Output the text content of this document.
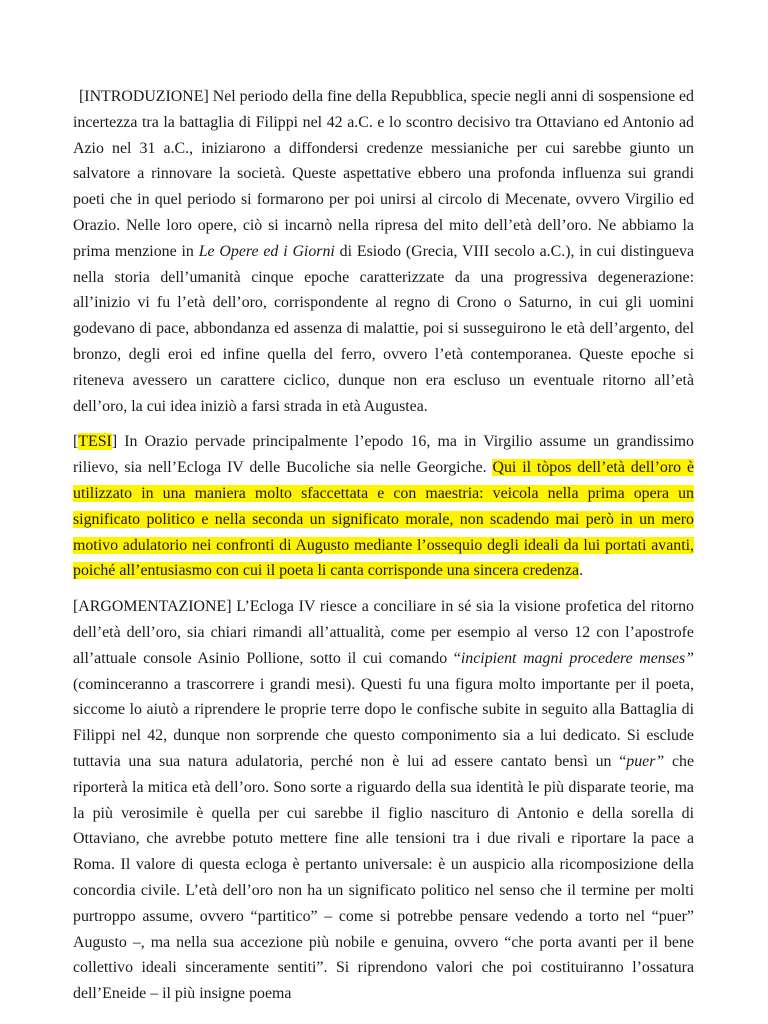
[INTRODUZIONE] Nel periodo della fine della Repubblica, specie negli anni di sospensione ed incertezza tra la battaglia di Filippi nel 42 a.C. e lo scontro decisivo tra Ottaviano ed Antonio ad Azio nel 31 a.C., iniziarono a diffondersi credenze messianiche per cui sarebbe giunto un salvatore a rinnovare la società. Queste aspettative ebbero una profonda influenza sui grandi poeti che in quel periodo si formarono per poi unirsi al circolo di Mecenate, ovvero Virgilio ed Orazio. Nelle loro opere, ciò si incarnò nella ripresa del mito dell’età dell’oro. Ne abbiamo la prima menzione in Le Opere ed i Giorni di Esiodo (Grecia, VIII secolo a.C.), in cui distingueva nella storia dell’umanità cinque epoche caratterizzate da una progressiva degenerazione: all’inizio vi fu l’età dell’oro, corrispondente al regno di Crono o Saturno, in cui gli uomini godevano di pace, abbondanza ed assenza di malattie, poi si susseguirono le età dell’argento, del bronzo, degli eroi ed infine quella del ferro, ovvero l’età contemporanea. Queste epoche si riteneva avessero un carattere ciclico, dunque non era escluso un eventuale ritorno all’età dell’oro, la cui idea iniziò a farsi strada in età Augustea.

[TESI] In Orazio pervade principalmente l’epodo 16, ma in Virgilio assume un grandissimo rilievo, sia nell’Ecloga IV delle Bucoliche sia nelle Georgiche. Qui il tòpos dell’età dell’oro è utilizzato in una maniera molto sfaccettata e con maestria: veicola nella prima opera un significato politico e nella seconda un significato morale, non scadendo mai però in un mero motivo adulatorio nei confronti di Augusto mediante l’ossequio degli ideali da lui portati avanti, poiché all’entusiasmo con cui il poeta li canta corrisponde una sincera credenza.

[ARGOMENTAZIONE] L’Ecloga IV riesce a conciliare in sé sia la visione profetica del ritorno dell’età dell’oro, sia chiari rimandi all’attualità, come per esempio al verso 12 con l’apostrofe all’attuale console Asinio Pollione, sotto il cui comando “incipient magni procedere menses” (cominceranno a trascorrere i grandi mesi). Questi fu una figura molto importante per il poeta, siccome lo aiutò a riprendere le proprie terre dopo le confische subite in seguito alla Battaglia di Filippi nel 42, dunque non sorprende che questo componimento sia a lui dedicato. Si esclude tuttavia una sua natura adulatoria, perché non è lui ad essere cantato bensì un “puer” che riporterà la mitica età dell’oro. Sono sorte a riguardo della sua identità le più disparate teorie, ma la più verosimile è quella per cui sarebbe il figlio nascituro di Antonio e della sorella di Ottaviano, che avrebbe potuto mettere fine alle tensioni tra i due rivali e riportare la pace a Roma. Il valore di questa ecloga è pertanto universale: è un auspicio alla ricomposizione della concordia civile. L’età dell’oro non ha un significato politico nel senso che il termine per molti purtroppo assume, ovvero “partitico” – come si potrebbe pensare vedendo a torto nel “puer” Augusto –, ma nella sua accezione più nobile e genuina, ovvero “che porta avanti per il bene collettivo ideali sinceramente sentiti”. Si riprendono valori che poi costituiranno l’ossatura dell’Eneide – il più insigne poema
